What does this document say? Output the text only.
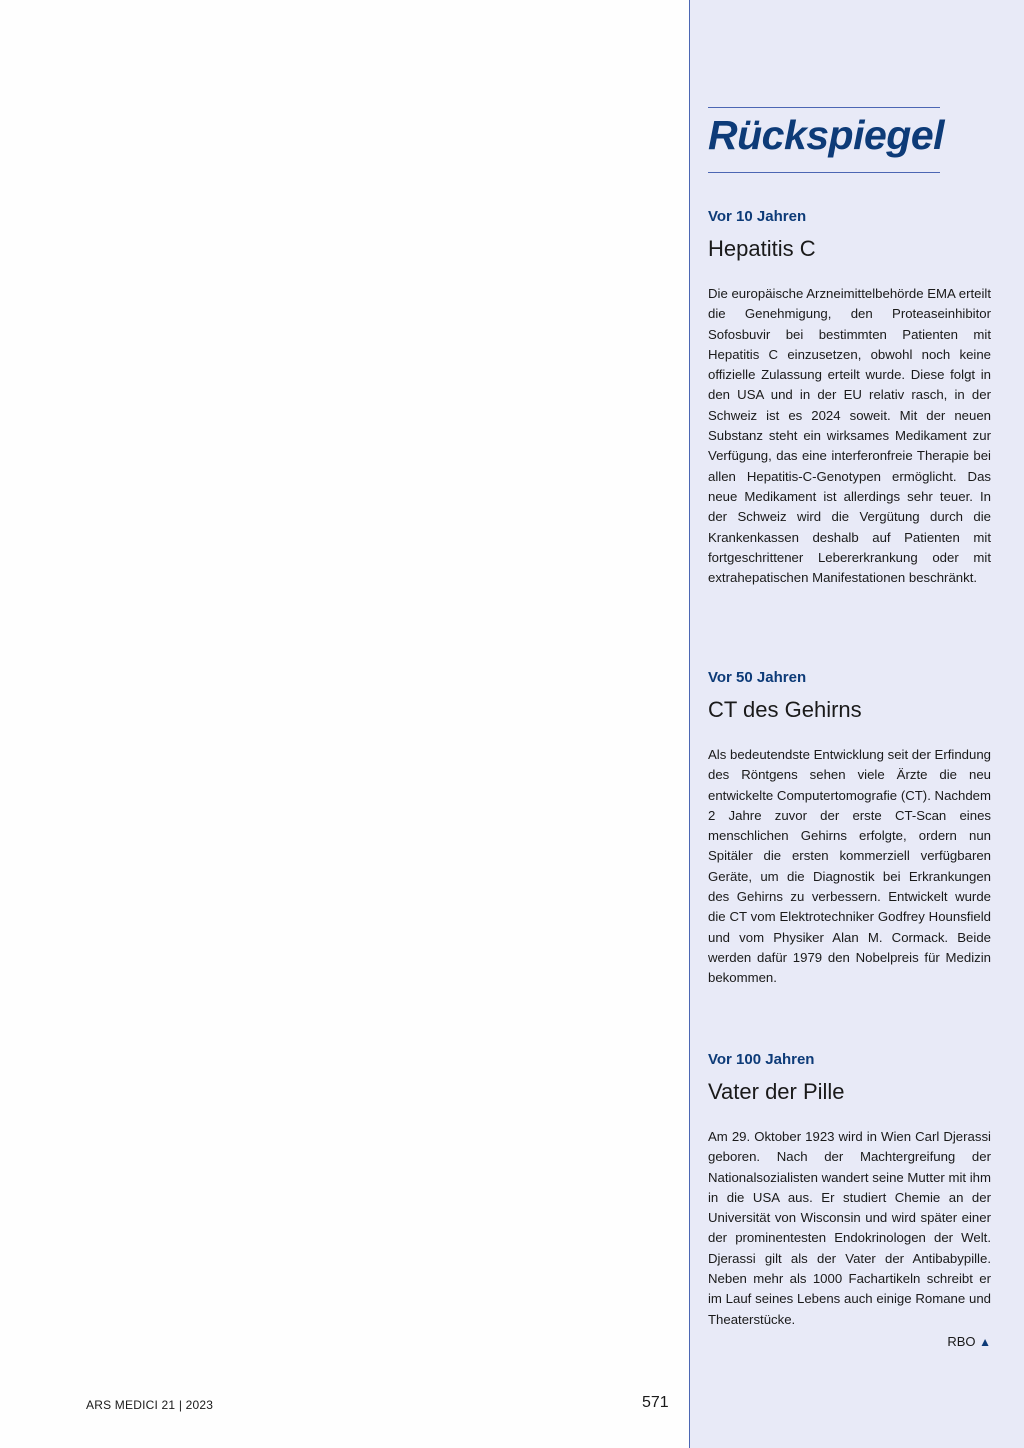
Rückspiegel

Vor 10 Jahren

Hepatitis C

Die europäische Arzneimittelbehörde EMA erteilt die Genehmigung, den Proteaseinhibitor Sofosbuvir bei bestimmten Patienten mit Hepatitis C einzusetzen, obwohl noch keine offizielle Zulassung erteilt wurde. Diese folgt in den USA und in der EU relativ rasch, in der Schweiz ist es 2024 soweit. Mit der neuen Substanz steht ein wirksames Medikament zur Verfügung, das eine interferonfreie Therapie bei allen Hepatitis-C-Genotypen ermöglicht. Das neue Medikament ist allerdings sehr teuer. In der Schweiz wird die Vergütung durch die Krankenkassen deshalb auf Patienten mit fortgeschrittener Lebererkrankung oder mit extrahepatischen Manifestationen beschränkt.

Vor 50 Jahren

CT des Gehirns

Als bedeutendste Entwicklung seit der Erfindung des Röntgens sehen viele Ärzte die neu entwickelte Computertomografie (CT). Nachdem 2 Jahre zuvor der erste CT-Scan eines menschlichen Gehirns erfolgte, ordern nun Spitäler die ersten kommerziell verfügbaren Geräte, um die Diagnostik bei Erkrankungen des Gehirns zu verbessern. Entwickelt wurde die CT vom Elektrotechniker Godfrey Hounsfield und vom Physiker Alan M. Cormack. Beide werden dafür 1979 den Nobelpreis für Medizin bekommen.

Vor 100 Jahren

Vater der Pille

Am 29. Oktober 1923 wird in Wien Carl Djerassi geboren. Nach der Machtergreifung der Nationalsozialisten wandert seine Mutter mit ihm in die USA aus. Er studiert Chemie an der Universität von Wisconsin und wird später einer der prominentesten Endokrinologen der Welt. Djerassi gilt als der Vater der Antibabypille. Neben mehr als 1000 Fachartikeln schreibt er im Lauf seines Lebens auch einige Romane und Theaterstücke.

RBO ▲
ARS MEDICI 21 | 2023	571
